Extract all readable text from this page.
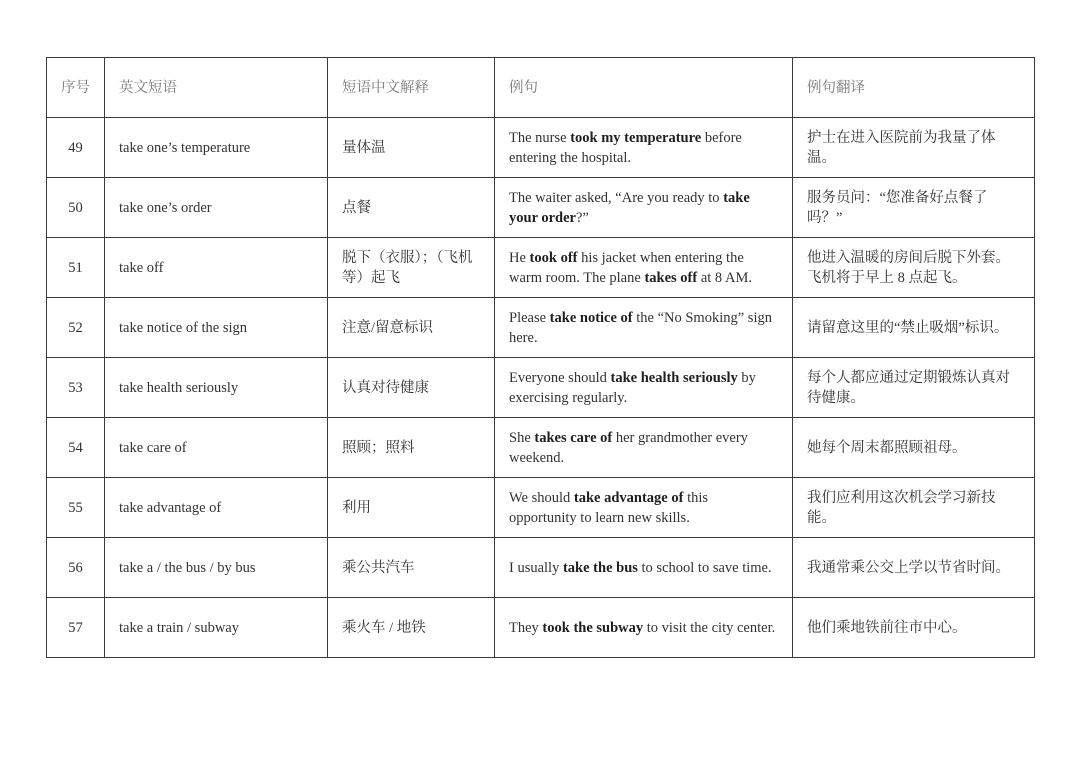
序号	英文短语	短语中文解释	例句	例句翻译
49	take one’s temperature	量体温	The nurse took my temperature before entering the hospital.	护士在进入医院前为我量了体温。
50	take one’s order	点餐	The waiter asked, “Are you ready to take your order?”	服务员问：“您准备好点餐了吗？”
51	take off	脱下（衣服）；（飞机等）起飞	He took off his jacket when entering the warm room. The plane takes off at 8 AM.	他进入温暖的房间后脱下外套。飞机将于早上 8 点起飞。
52	take notice of the sign	注意/留意标识	Please take notice of the “No Smoking” sign here.	请留意这里的“禁止吸烟”标识。
53	take health seriously	认真对待健康	Everyone should take health seriously by exercising regularly.	每个人都应通过定期锻炼认真对待健康。
54	take care of	照顾；照料	She takes care of her grandmother every weekend.	她每个周末都照顾祖母。
55	take advantage of	利用	We should take advantage of this opportunity to learn new skills.	我们应利用这次机会学习新技能。
56	take a / the bus / by bus	乘公共汽车	I usually take the bus to school to save time.	我通常乘公交上学以节省时间。
57	take a train / subway	乘火车 / 地铁	They took the subway to visit the city center.	他们乘地铁前往市中心。
